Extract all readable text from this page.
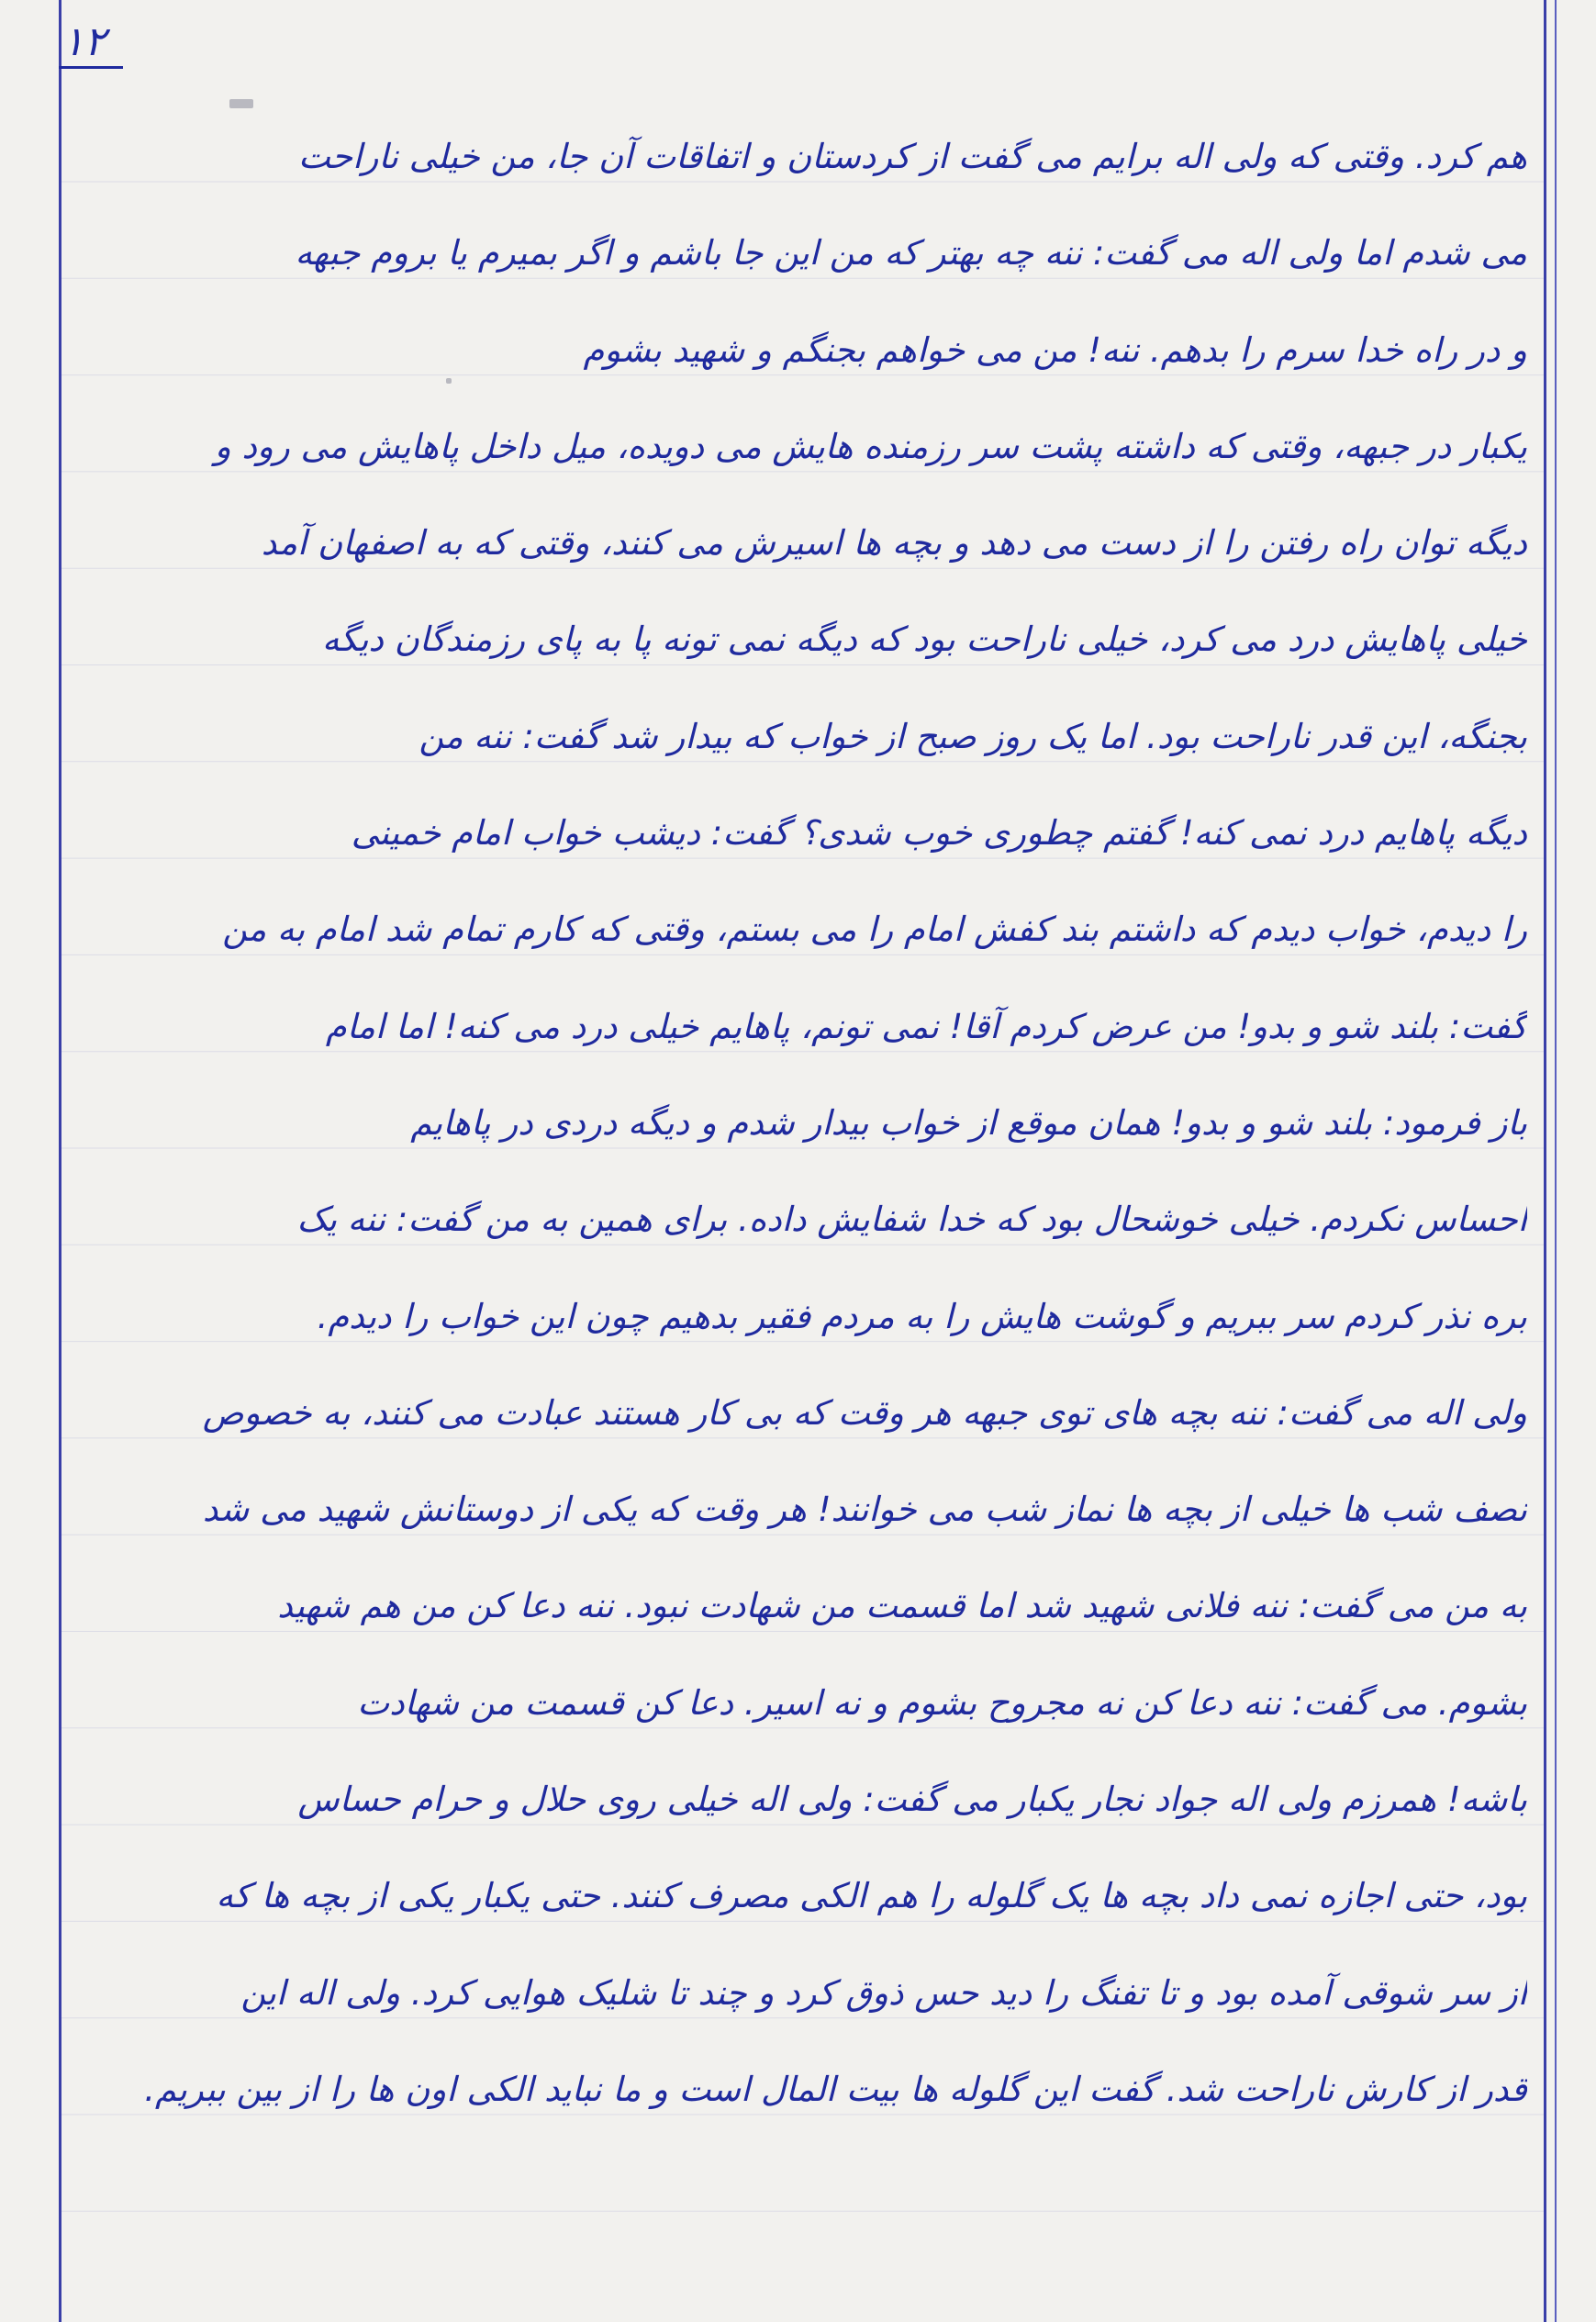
۱۲
هم کرد. وقتی که ولی اله برایم می گفت از کردستان و اتفاقات آن جا، من خیلی ناراحت
می شدم اما ولی اله می گفت: ننه چه بهتر که من این جا باشم و اگر بمیرم یا بروم جبهه
و در راه خدا سرم را بدهم. ننه! من می خواهم بجنگم و شهید بشوم
یکبار در جبهه، وقتی که داشته پشت سر رزمنده هایش می دویده، میل داخل پاهایش می رود و
دیگه توان راه رفتن را از دست می دهد و بچه ها اسیرش می کنند، وقتی که به اصفهان آمد
خیلی پاهایش درد می کرد، خیلی ناراحت بود که دیگه نمی تونه پا به پای رزمندگان دیگه
بجنگه، این قدر ناراحت بود. اما یک روز صبح از خواب که بیدار شد گفت: ننه من
دیگه پاهایم درد نمی کنه! گفتم چطوری خوب شدی؟ گفت: دیشب خواب امام خمینی
را دیدم، خواب دیدم که داشتم بند کفش امام را می بستم، وقتی که کارم تمام شد امام به من
گفت: بلند شو و بدو! من عرض کردم آقا! نمی تونم، پاهایم خیلی درد می کنه! اما امام
باز فرمود: بلند شو و بدو! همان موقع از خواب بیدار شدم و دیگه دردی در پاهایم
احساس نکردم. خیلی خوشحال بود که خدا شفایش داده. برای همین به من گفت: ننه یک
بره نذر کردم سر ببریم و گوشت هایش را به مردم فقیر بدهیم چون این خواب را دیدم.
ولی اله می گفت: ننه بچه های توی جبهه هر وقت که بی کار هستند عبادت می کنند، به خصوص
نصف شب ها خیلی از بچه ها نماز شب می خوانند! هر وقت که یکی از دوستانش شهید می شد
به من می گفت: ننه فلانی شهید شد اما قسمت من شهادت نبود. ننه دعا کن من هم شهید
بشوم. می گفت: ننه دعا کن نه مجروح بشوم و نه اسیر. دعا کن قسمت من شهادت
باشه! همرزم ولی اله جواد نجار یکبار می گفت: ولی اله خیلی روی حلال و حرام حساس
بود، حتی اجازه نمی داد بچه ها یک گلوله را هم الکی مصرف کنند. حتی یکبار یکی از بچه ها که
از سر شوقی آمده بود و تا تفنگ را دید حس ذوق کرد و چند تا شلیک هوایی کرد. ولی اله این
قدر از کارش ناراحت شد. گفت این گلوله ها بیت المال است و ما نباید الکی اون ها را از بین ببریم.
